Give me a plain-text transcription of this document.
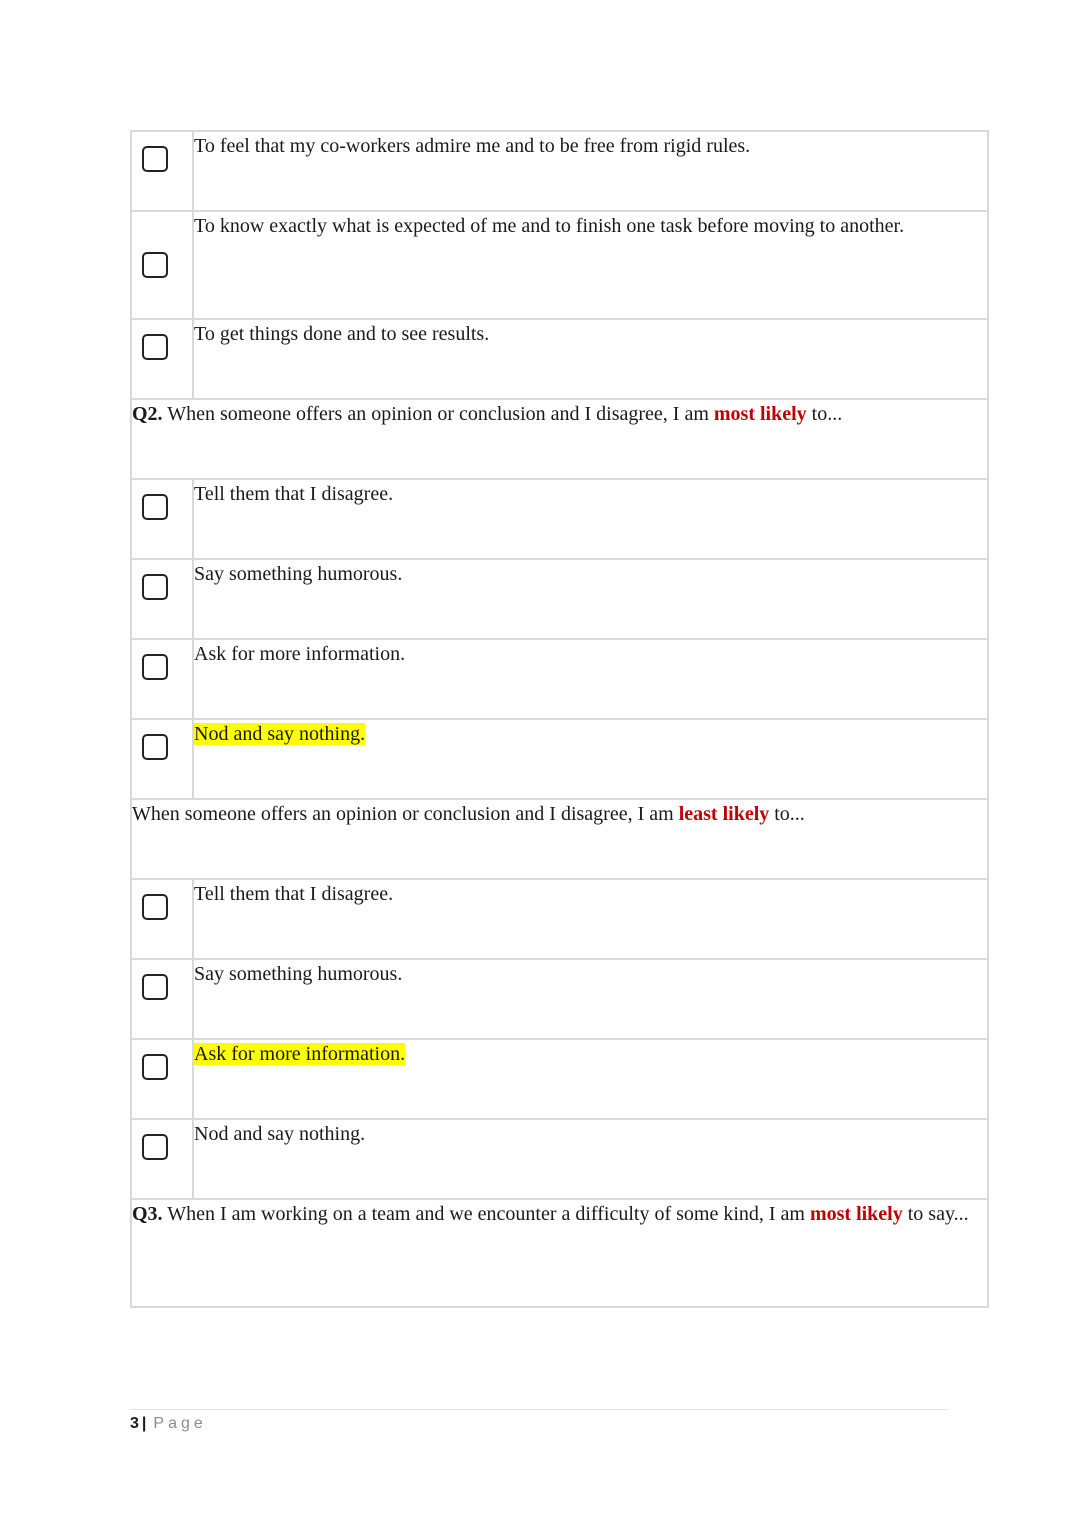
	To feel that my co-workers admire me and to be free from rigid rules.

	To know exactly what is expected of me and to finish one task before moving to another.

	To get things done and to see results.
Q2. When someone offers an opinion or conclusion and I disagree, I am most likely to...	

	Tell them that I disagree.

	Say something humorous.

	Ask for more information.

	Nod and say nothing.
When someone offers an opinion or conclusion and I disagree, I am least likely to...	

	Tell them that I disagree.

	Say something humorous.

	Ask for more information.

	Nod and say nothing.
Q3. When I am working on a team and we encounter a difficulty of some kind, I am most likely to say...	
3 | Page
